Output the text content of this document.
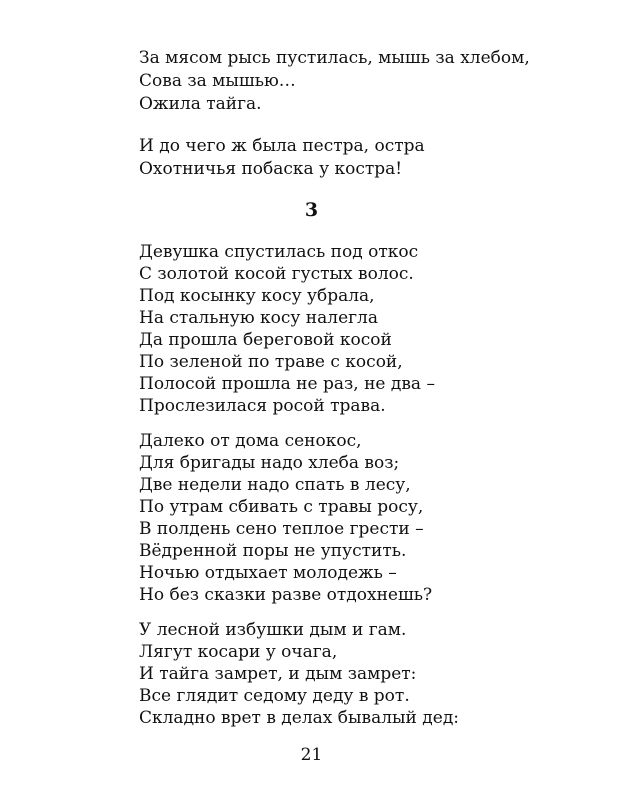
За мясом рысь пустилась, мышь за хлебом,
Сова за мышью…
Ожила тайга.
И до чего ж была пестра, остра
Охотничья побаска у костра!
3
Девушка спустилась под откос
С золотой косой густых волос.
Под косынку косу убрала,
На стальную косу налегла
Да прошла береговой косой
По зеленой по траве с косой,
Полосой прошла не раз, не два –
Прослезилася росой трава.
Далеко от дома сенокос,
Для бригады надо хлеба воз;
Две недели надо спать в лесу,
По утрам сбивать с травы росу,
В полдень сено теплое грести –
Вёдренной поры не упустить.
Ночью отдыхает молодежь –
Но без сказки разве отдохнешь?
У лесной избушки дым и гам.
Лягут косари у очага,
И тайга замрет, и дым замрет:
Все глядит седому деду в рот.
Складно врет в делах бывалый дед:
21
